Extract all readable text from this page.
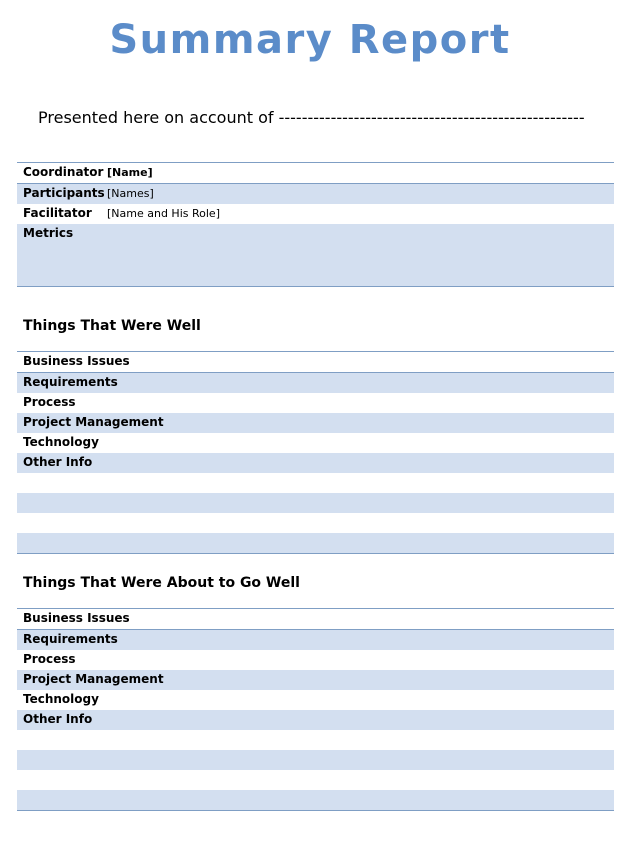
Summary Report
Presented here on account of -----------------------------------------------------
Coordinator [Name]
Participants [Names]
Facilitator [Name and His Role]
Metrics
Things That Were Well
Business Issues
Requirements
Process
Project Management
Technology
Other Info
Things That Were About to Go Well
Business Issues
Requirements
Process
Project Management
Technology
Other Info
